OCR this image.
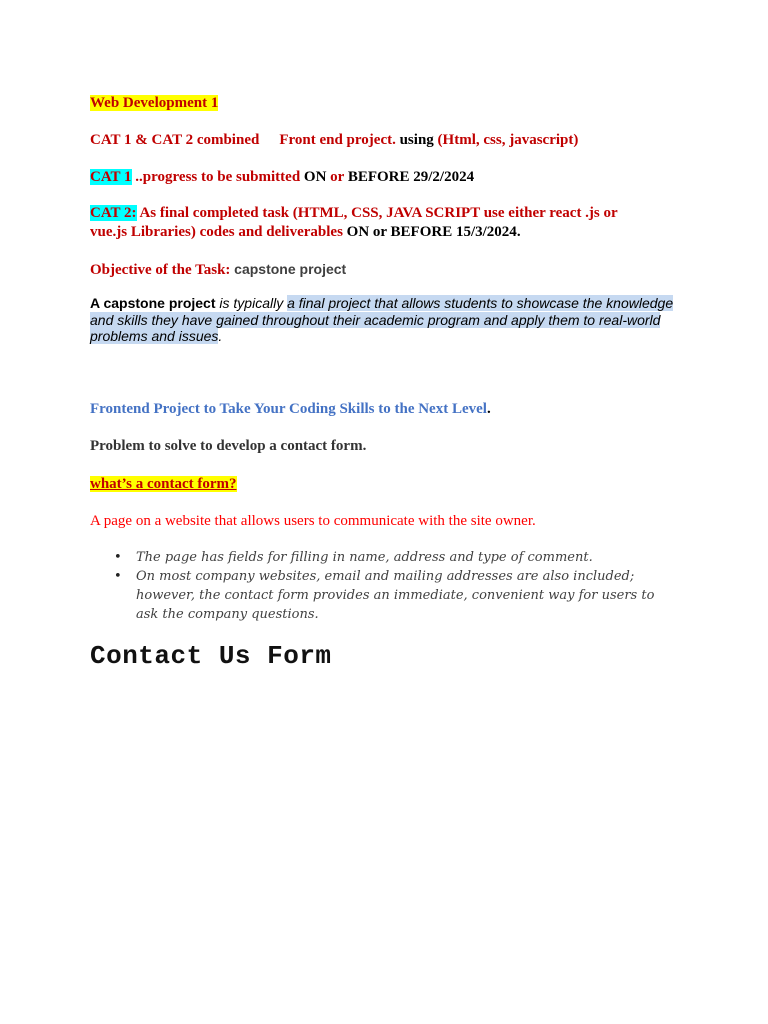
Web Development 1
CAT 1 & CAT 2 combined Front end project. using (Html, css, javascript)
CAT 1 ..progress to be submitted ON or BEFORE 29/2/2024
CAT 2: As final completed task (HTML, CSS, JAVA SCRIPT use either react .js or
vue.js Libraries) codes and deliverables ON or BEFORE 15/3/2024.
Objective of the Task: capstone project
A capstone project is typically a final project that allows students to showcase the knowledge and skills they have gained throughout their academic program and apply them to real-world problems and issues.
Frontend Project to Take Your Coding Skills to the Next Level.
Problem to solve to develop a contact form.
what’s a contact form?
A page on a website that allows users to communicate with the site owner.
• The page has fields for filling in name, address and type of comment.
• On most company websites, email and mailing addresses are also included; however, the contact form provides an immediate, convenient way for users to ask the company questions.
Contact Us Form
